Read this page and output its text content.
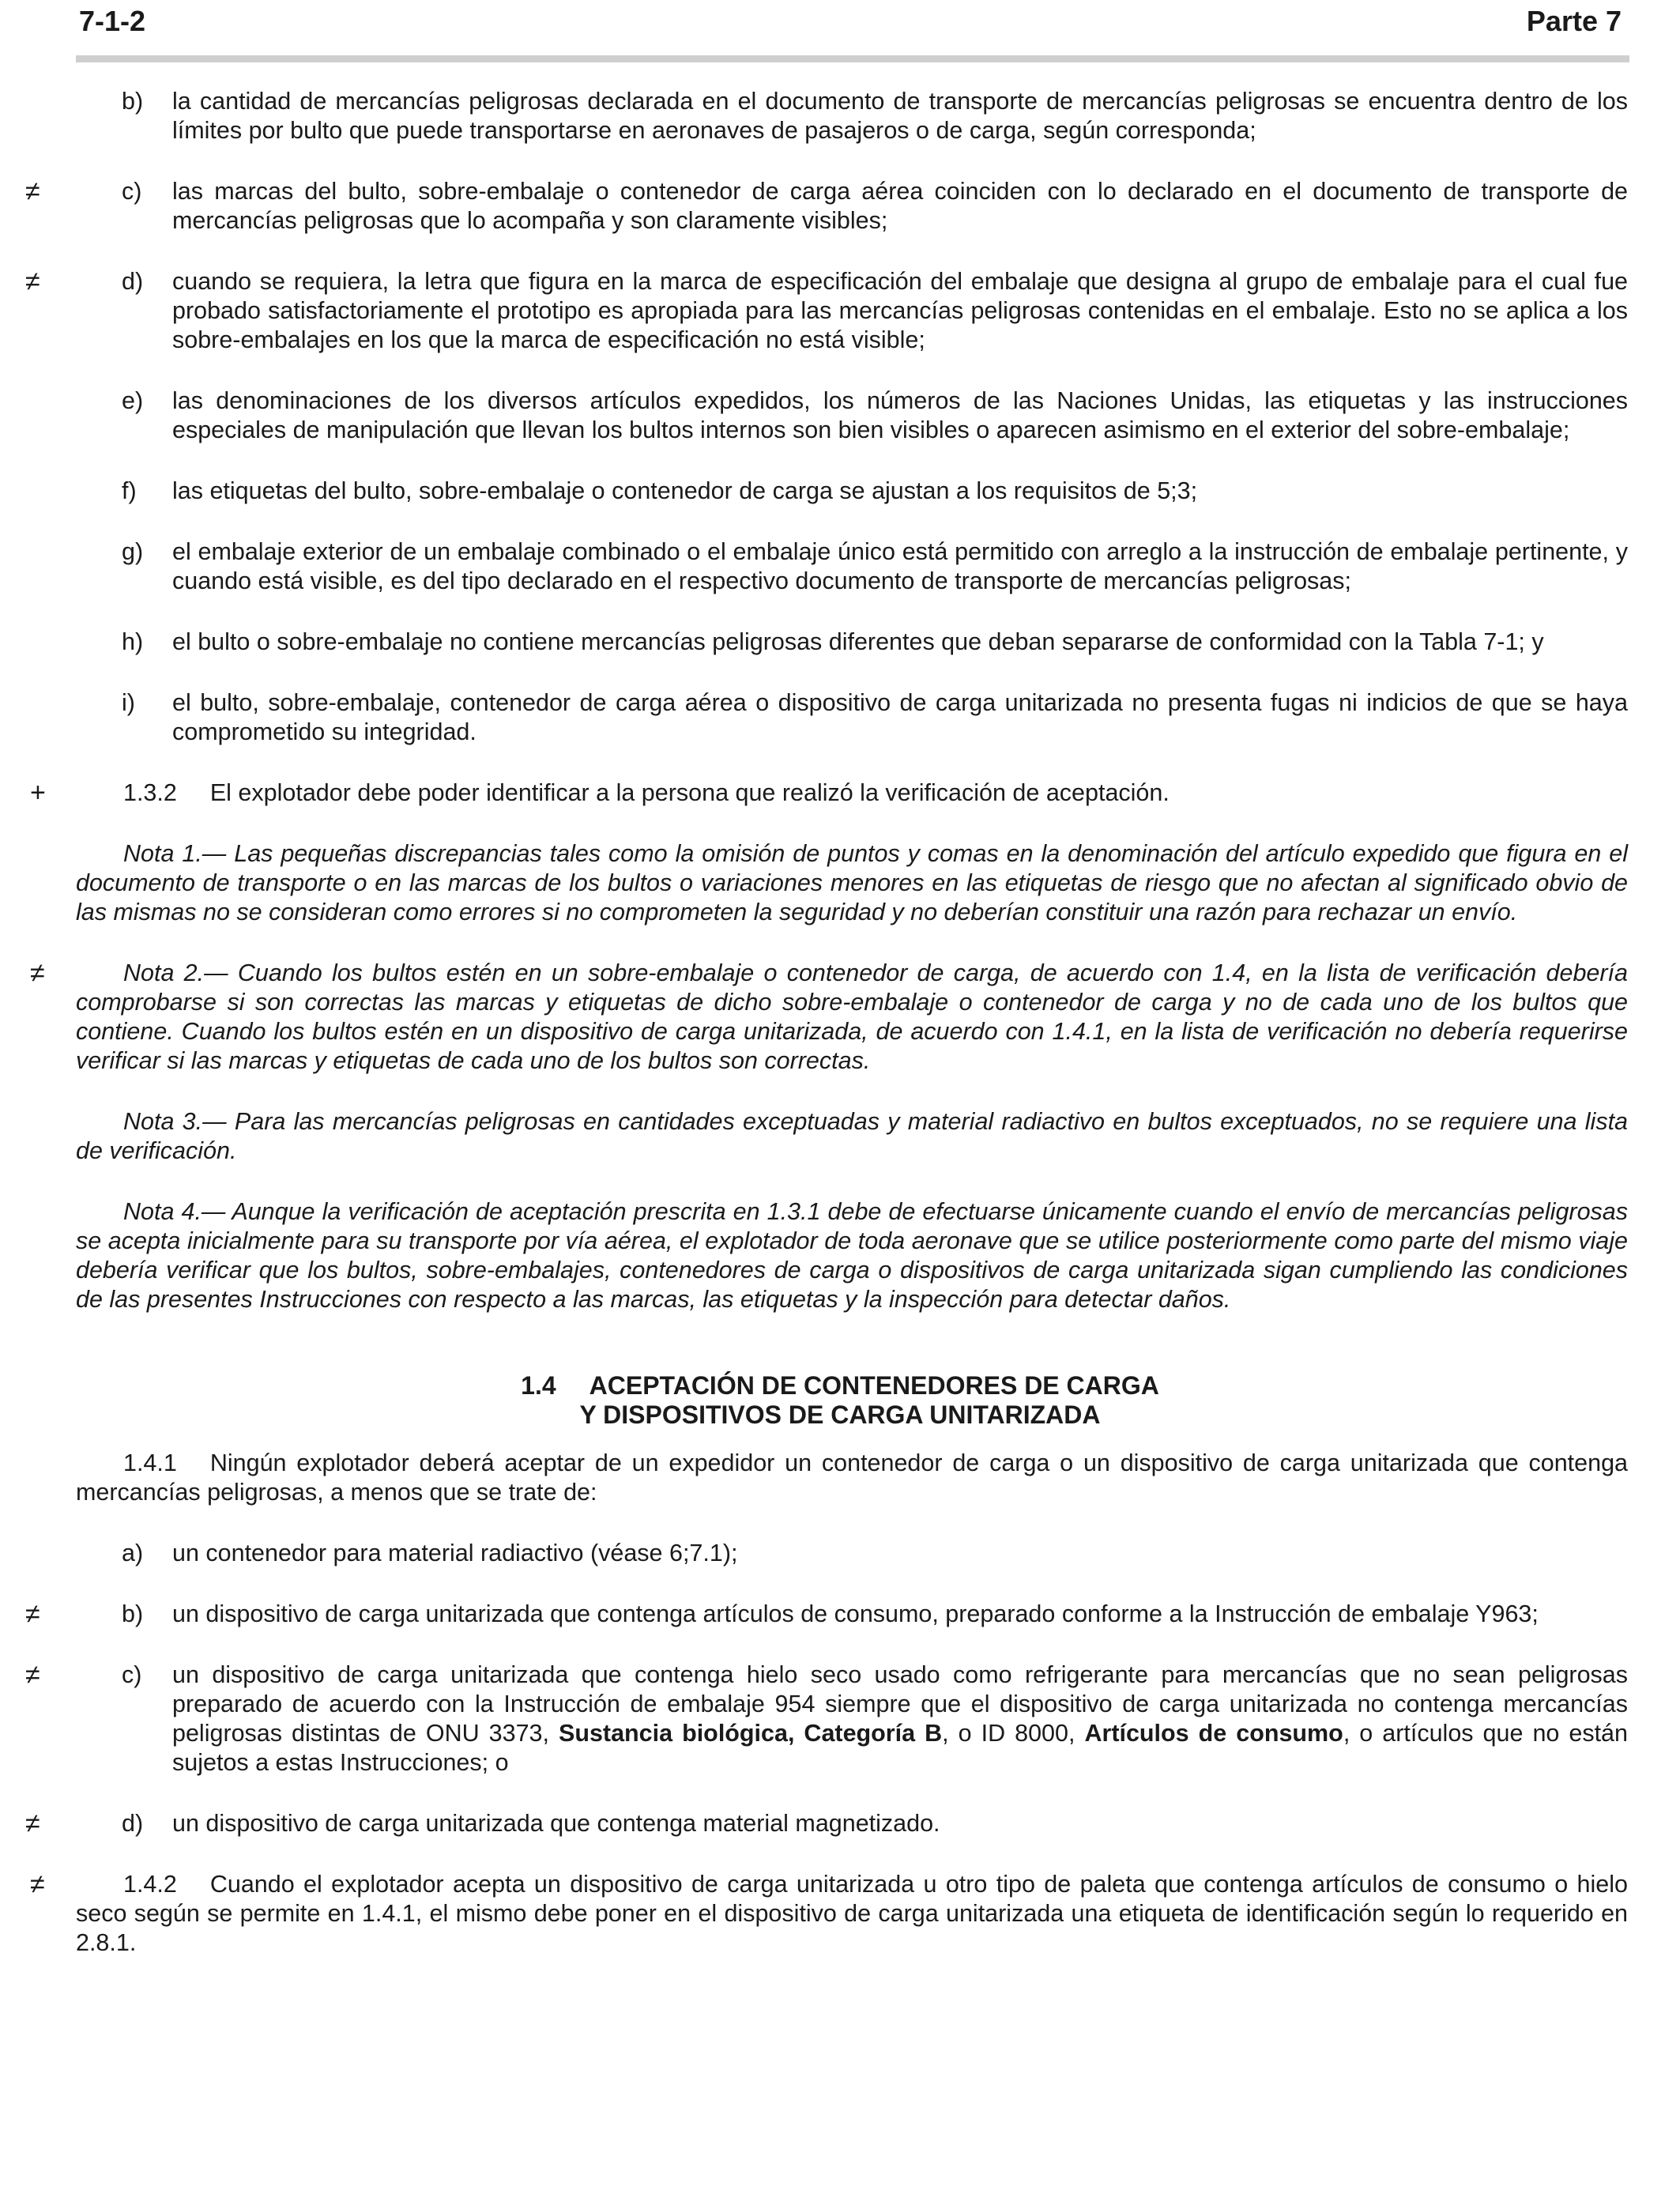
7-1-2	Parte 7

b) la cantidad de mercancías peligrosas declarada en el documento de transporte de mercancías peligrosas se encuentra dentro de los límites por bulto que puede transportarse en aeronaves de pasajeros o de carga, según corresponda;

≠	c) las marcas del bulto, sobre-embalaje o contenedor de carga aérea coinciden con lo declarado en el documento de transporte de mercancías peligrosas que lo acompaña y son claramente visibles;

≠	d) cuando se requiera, la letra que figura en la marca de especificación del embalaje que designa al grupo de embalaje para el cual fue probado satisfactoriamente el prototipo es apropiada para las mercancías peligrosas contenidas en el embalaje. Esto no se aplica a los sobre-embalajes en los que la marca de especificación no está visible;

e) las denominaciones de los diversos artículos expedidos, los números de las Naciones Unidas, las etiquetas y las instrucciones especiales de manipulación que llevan los bultos internos son bien visibles o aparecen asimismo en el exterior del sobre-embalaje;

f) las etiquetas del bulto, sobre-embalaje o contenedor de carga se ajustan a los requisitos de 5;3;

g) el embalaje exterior de un embalaje combinado o el embalaje único está permitido con arreglo a la instrucción de embalaje pertinente, y cuando está visible, es del tipo declarado en el respectivo documento de transporte de mercancías peligrosas;

h) el bulto o sobre-embalaje no contiene mercancías peligrosas diferentes que deban separarse de conformidad con la Tabla 7-1; y

i) el bulto, sobre-embalaje, contenedor de carga aérea o dispositivo de carga unitarizada no presenta fugas ni indicios de que se haya comprometido su integridad.

+	1.3.2 El explotador debe poder identificar a la persona que realizó la verificación de aceptación.

Nota 1.— Las pequeñas discrepancias tales como la omisión de puntos y comas en la denominación del artículo expedido que figura en el documento de transporte o en las marcas de los bultos o variaciones menores en las etiquetas de riesgo que no afectan al significado obvio de las mismas no se consideran como errores si no comprometen la seguridad y no deberían constituir una razón para rechazar un envío.

≠	Nota 2.— Cuando los bultos estén en un sobre-embalaje o contenedor de carga, de acuerdo con 1.4, en la lista de verificación debería comprobarse si son correctas las marcas y etiquetas de dicho sobre-embalaje o contenedor de carga y no de cada uno de los bultos que contiene. Cuando los bultos estén en un dispositivo de carga unitarizada, de acuerdo con 1.4.1, en la lista de verificación no debería requerirse verificar si las marcas y etiquetas de cada uno de los bultos son correctas.

Nota 3.— Para las mercancías peligrosas en cantidades exceptuadas y material radiactivo en bultos exceptuados, no se requiere una lista de verificación.

Nota 4.— Aunque la verificación de aceptación prescrita en 1.3.1 debe de efectuarse únicamente cuando el envío de mercancías peligrosas se acepta inicialmente para su transporte por vía aérea, el explotador de toda aeronave que se utilice posteriormente como parte del mismo viaje debería verificar que los bultos, sobre-embalajes, contenedores de carga o dispositivos de carga unitarizada sigan cumpliendo las condiciones de las presentes Instrucciones con respecto a las marcas, las etiquetas y la inspección para detectar daños.

1.4 ACEPTACIÓN DE CONTENEDORES DE CARGA
Y DISPOSITIVOS DE CARGA UNITARIZADA

1.4.1 Ningún explotador deberá aceptar de un expedidor un contenedor de carga o un dispositivo de carga unitarizada que contenga mercancías peligrosas, a menos que se trate de:

a) un contenedor para material radiactivo (véase 6;7.1);

≠	b) un dispositivo de carga unitarizada que contenga artículos de consumo, preparado conforme a la Instrucción de embalaje Y963;

≠	c) un dispositivo de carga unitarizada que contenga hielo seco usado como refrigerante para mercancías que no sean peligrosas preparado de acuerdo con la Instrucción de embalaje 954 siempre que el dispositivo de carga unitarizada no contenga mercancías peligrosas distintas de ONU 3373, Sustancia biológica, Categoría B, o ID 8000, Artículos de consumo, o artículos que no están sujetos a estas Instrucciones; o

≠	d) un dispositivo de carga unitarizada que contenga material magnetizado.

≠	1.4.2 Cuando el explotador acepta un dispositivo de carga unitarizada u otro tipo de paleta que contenga artículos de consumo o hielo seco según se permite en 1.4.1, el mismo debe poner en el dispositivo de carga unitarizada una etiqueta de identificación según lo requerido en 2.8.1.
